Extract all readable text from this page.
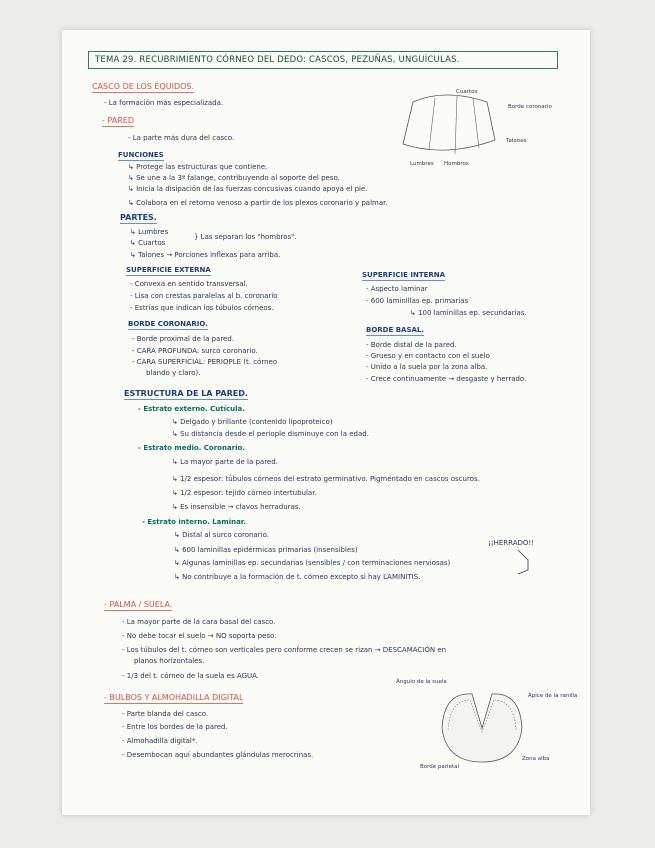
TEMA 29. RECUBRIMIENTO CÓRNEO DEL DEDO: CASCOS, PEZUÑAS, UNGUÍCULAS.
CASCO DE LOS ÉQUIDOS.
- La formación más especializada.
- PARED
- La parte más dura del casco.
FUNCIONES
↳ Protege las estructuras que contiene.
↳ Se une a la 3ª falange, contribuyendo al soporte del peso.
↳ Inicia la disipación de las fuerzas concusivas cuando apoya el pie.
↳ Colabora en el retorno venoso a partir de los plexos coronario y palmar.
PARTES.
↳ Lumbres
↳ Cuartos
} Las separan los "hombros".
↳ Talones → Porciones inflexas para arriba.
SUPERFICIE EXTERNA
- Convexa en sentido transversal.
- Lisa con crestas paralelas al b. coronario
- Estrías que indican los túbulos córneos.
SUPERFICIE INTERNA
- Aspecto laminar
- 600 laminillas ep. primarias
↳ 100 laminillas ep. secundarias.
BORDE CORONARIO.
- Borde proximal de la pared.
- CARA PROFUNDA: surco coronario.
- CARA SUPERFICIAL: PERIOPLE (t. córneo
blando y claro).
BORDE BASAL.
- Borde distal de la pared.
- Grueso y en contacto con el suelo
- Unido a la suela por la zona alba.
- Crece continuamente → desgaste y herrado.
ESTRUCTURA DE LA PARED.
- Estrato externo. Cutícula.
↳ Delgado y brillante (contenido lipoproteico)
↳ Su distancia desde el periople disminuye con la edad.
- Estrato medio. Coronario.
↳ La mayor parte de la pared.
↳ 1/2 espesor: túbulos córneos del estrato germinativo. Pigmentado en cascos oscuros.
↳ 1/2 espesor: tejido córneo intertubular.
↳ Es insensible → clavos herraduras.
- Estrato interno. Laminar.
↳ Distal al surco coronario.
↳ 600 laminillas epidérmicas primarias (insensibles)
↳ Algunas laminillas ep. secundarias (sensibles / con terminaciones nerviosas)
↳ No contribuye a la formación de t. córneo excepto si hay LAMINITIS.
¡¡HERRADO!!
- PALMA / SUELA.
- La mayor parte de la cara basal del casco.
- No debe tocar el suelo → NO soporta peso.
- Los túbulos del t. córneo son verticales pero conforme crecen se rizan → DESCAMACIÓN en
planos horizontales.
- 1/3 del t. córneo de la suela es AGUA.
- BULBOS Y ALMOHADILLA DIGITAL
- Parte blanda del casco.
- Entre los bordes de la pared.
- Almohadilla digital*.
- Desembocan aquí abundantes glándulas merocrinas.
Cuartos
Borde coronario
Talones
Lumbres Hombros
Ángulo de la suela
Ápice de la ranilla
Zona alba
Borde parietal
